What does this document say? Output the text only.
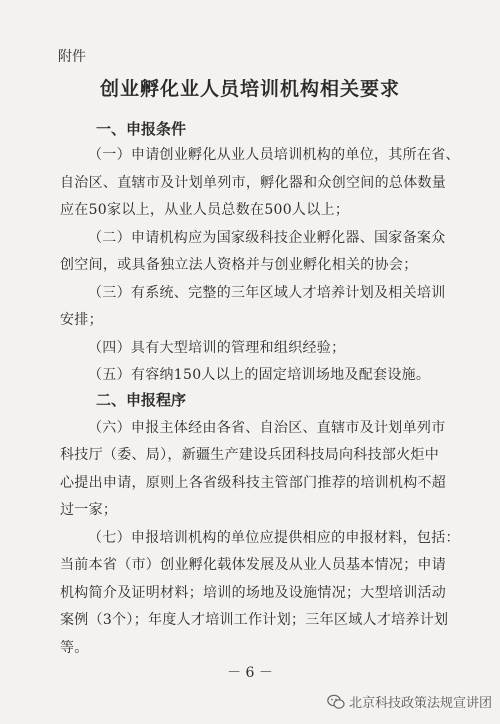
附件
创业孵化业人员培训机构相关要求
一、申报条件
（一）申请创业孵化从业人员培训机构的单位，其所在省、
自治区、直辖市及计划单列市，孵化器和众创空间的总体数量
应在50家以上，从业人员总数在500人以上；
（二）申请机构应为国家级科技企业孵化器、国家备案众
创空间，或具备独立法人资格并与创业孵化相关的协会；
（三）有系统、完整的三年区域人才培养计划及相关培训
安排；
（四）具有大型培训的管理和组织经验；
（五）有容纳150人以上的固定培训场地及配套设施。
二、申报程序
（六）申报主体经由各省、自治区、直辖市及计划单列市
科技厅（委、局），新疆生产建设兵团科技局向科技部火炬中
心提出申请，原则上各省级科技主管部门推荐的培训机构不超
过一家；
（七）申报培训机构的单位应提供相应的申报材料，包括：
当前本省（市）创业孵化载体发展及从业人员基本情况；申请
机构简介及证明材料；培训的场地及设施情况；大型培训活动
案例（3个）；年度人才培训工作计划；三年区域人才培养计划
等。
－ 6 －
北京科技政策法规宣讲团
